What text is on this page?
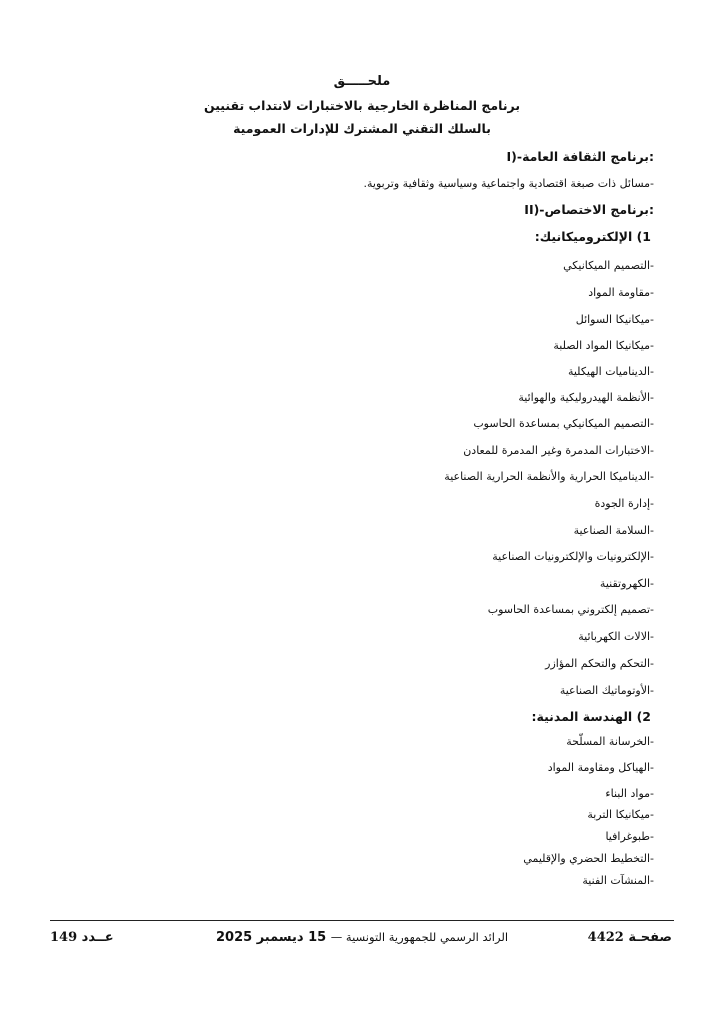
ملحـــــق
برنامج المناظرة الخارجية بالاختبارات لانتداب تقنيين
بالسلك التقني المشترك للإدارات العمومية
I)-برنامج الثقافة العامة:
-مسائل ذات صبغة اقتصادية واجتماعية وسياسية وثقافية وتربوية.
II)-برنامج الاختصاص:
1) الإلكتروميكانيك:
-التصميم الميكانيكي
-مقاومة المواد
-ميكانيكا السوائل
-ميكانيكا المواد الصلبة
-الديناميات الهيكلية
-الأنظمة الهيدروليكية والهوائية
-التصميم الميكانيكي بمساعدة الحاسوب
-الاختبارات المدمرة وغير المدمرة للمعادن
-الديناميكا الحرارية والأنظمة الحرارية الصناعية
-إدارة الجودة
-السلامة الصناعية
-الإلكترونيات والإلكترونيات الصناعية
-الكهروتقنية
-تصميم إلكتروني بمساعدة الحاسوب
-الالات الكهربائية
-التحكم والتحكم المؤازر
-الأوتوماتيك الصناعية
2) الهندسة المدنية:
-الخرسانة المسلّحة
-الهياكل ومقاومة المواد
-مواد البناء
-ميكانيكا التربة
-طبوغرافيا
-التخطيط الحضري والإقليمي
-المنشآت الفنية
صفحـة 4422
الرائد الرسمي للجمهورية التونسية — 15 ديسمبر 2025
عــدد 149
